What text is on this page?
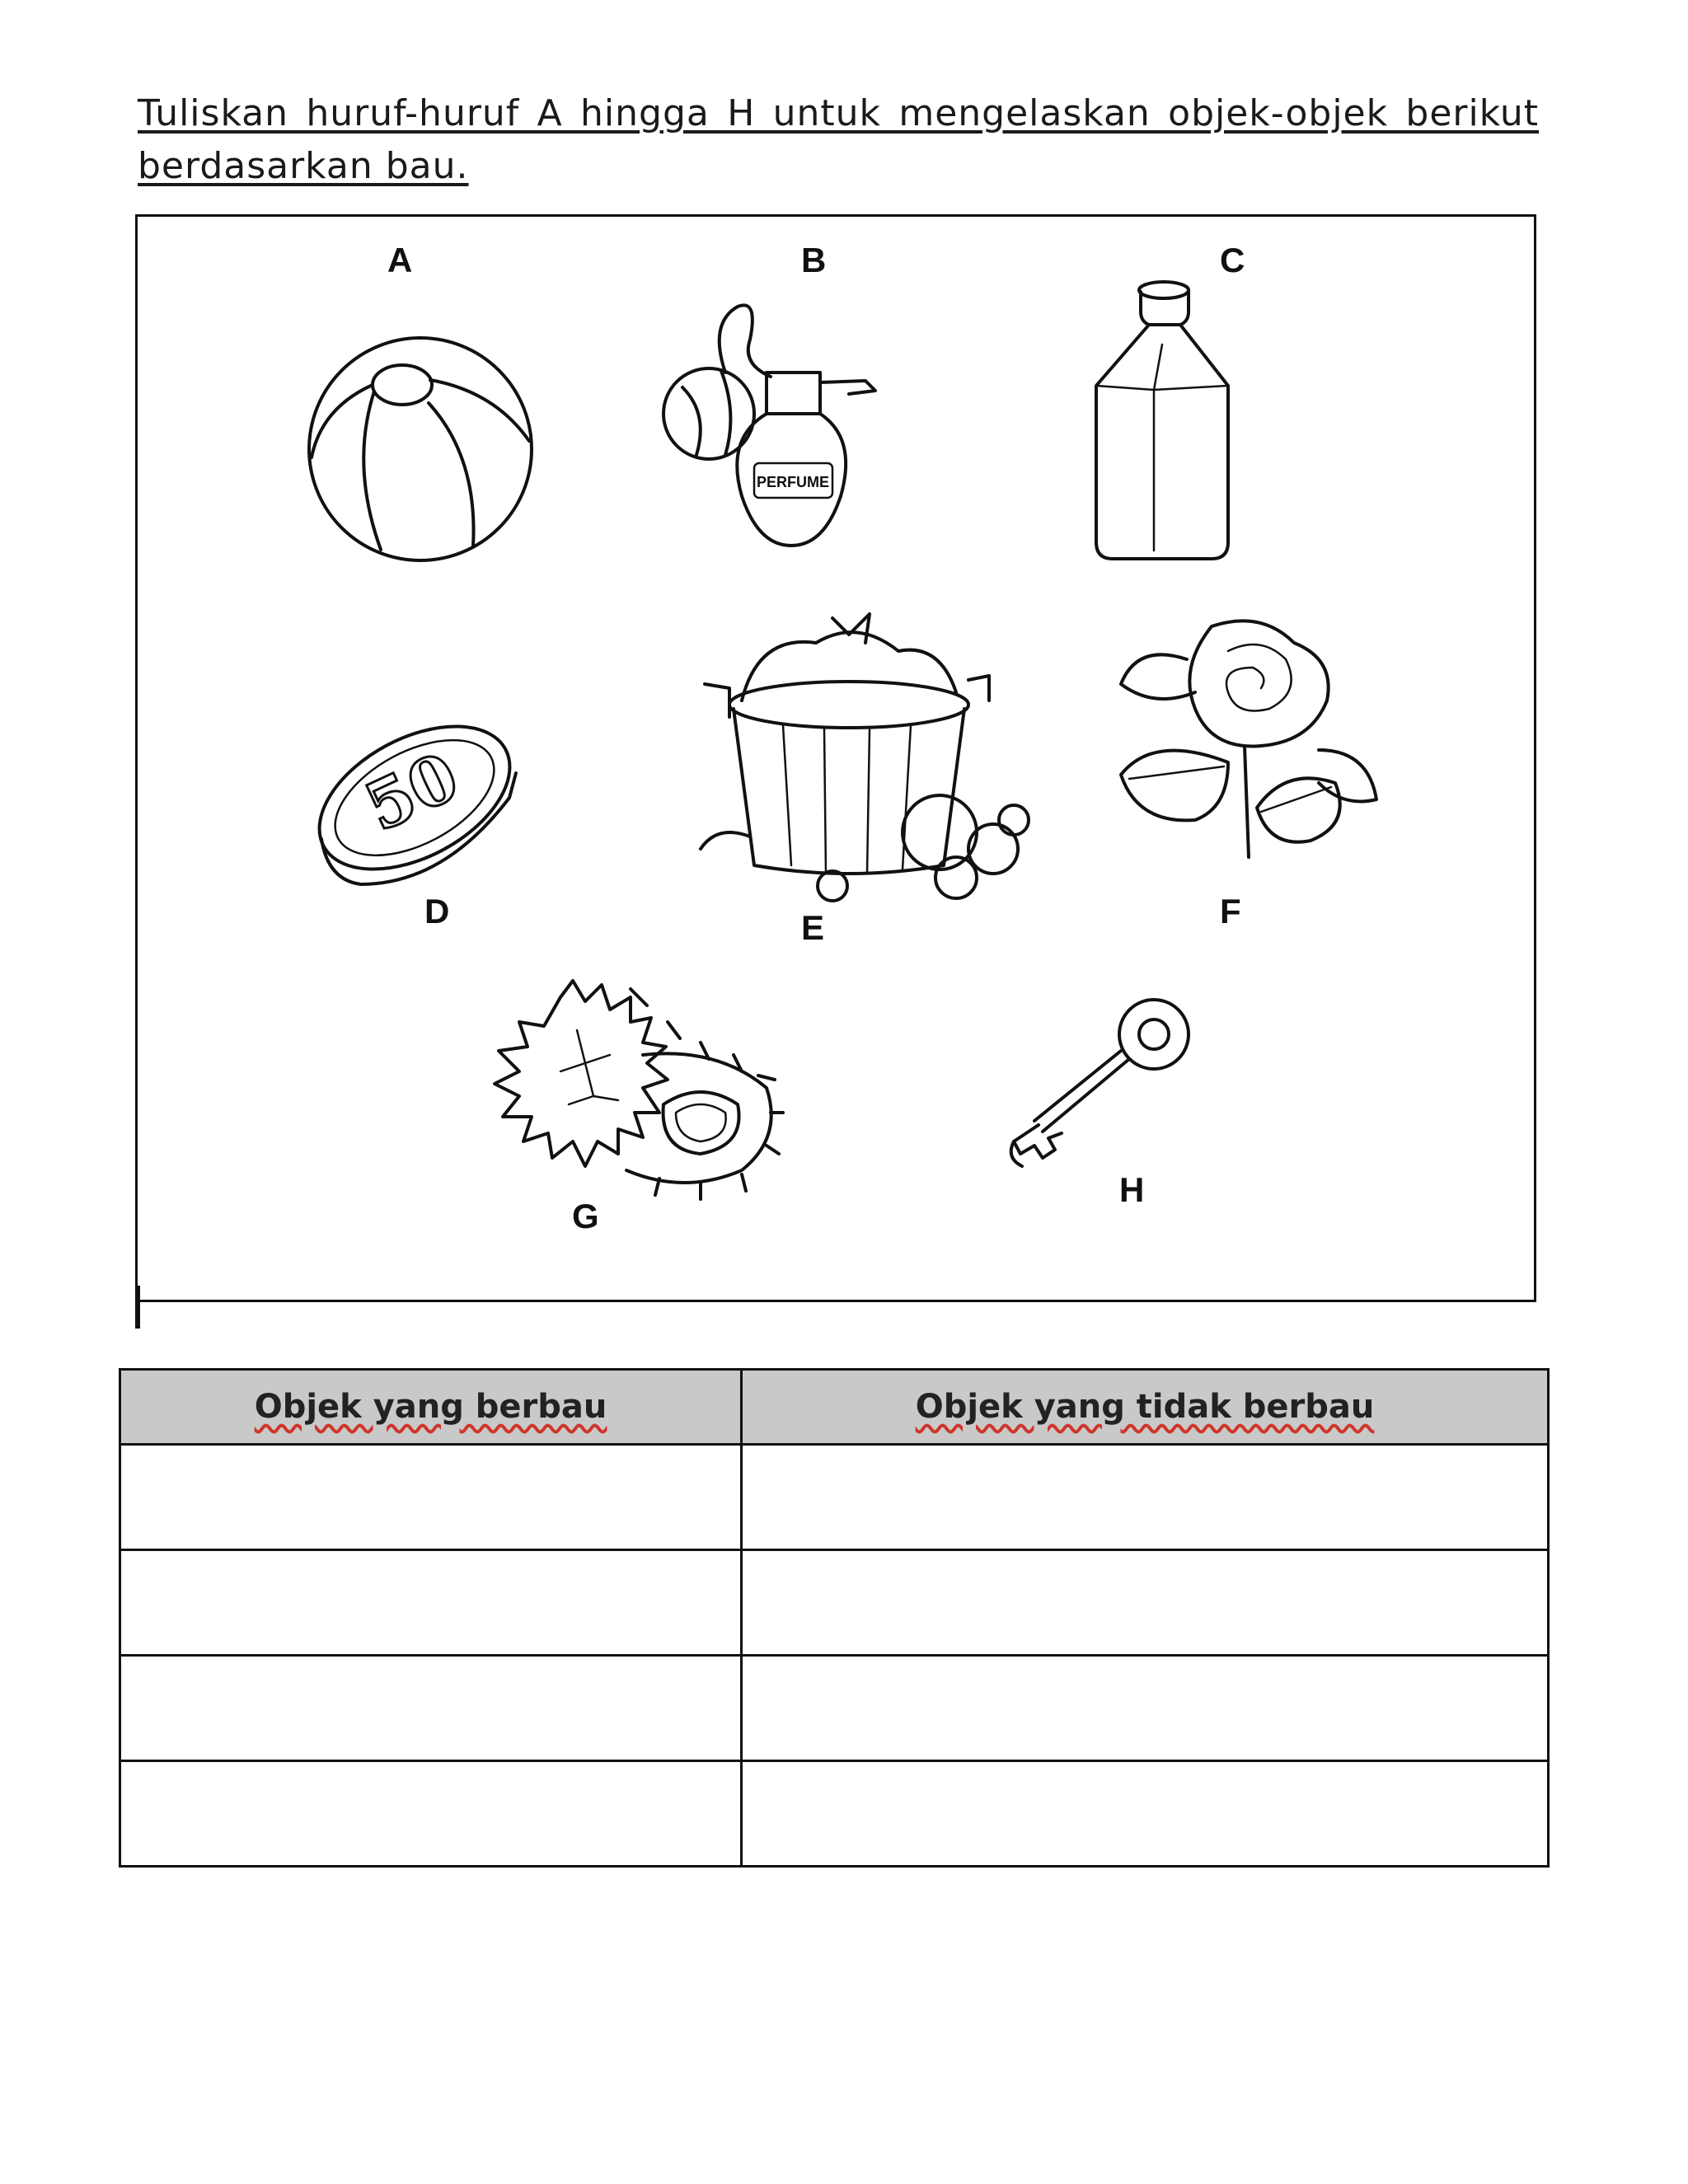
Tuliskan huruf-huruf A hingga H untuk mengelaskan objek-objek berikut berdasarkan bau.
A	B
PERFUME
C
D
50
E	F
G
H
Objek yang berbau	Objek yang tidak berbau
